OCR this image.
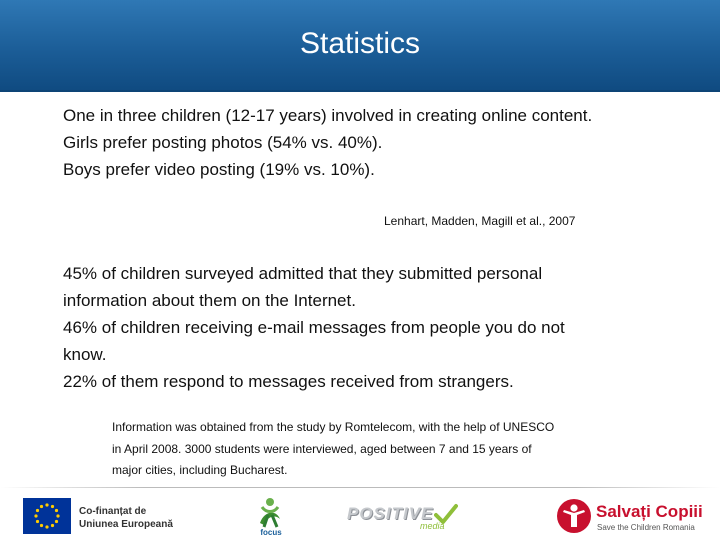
Statistics
One in three children (12-17 years) involved in creating online content.
Girls prefer posting photos (54% vs. 40%).
Boys prefer video posting (19% vs. 10%).
Lenhart, Madden, Magill et al., 2007
45% of children surveyed admitted that they submitted personal
information about them on the Internet.
46% of children receiving e-mail messages from people you do not
know.
22% of them respond to messages received from strangers.
Information was obtained from the study by Romtelecom, with the help of UNESCO
in April 2008. 3000 students were interviewed, aged between 7 and 15 years of
major cities, including Bucharest.
Co-finanțat de
Uniunea Europeană
focus
POSITIVE
media
Salvați Copiii
Save the Children Romania
